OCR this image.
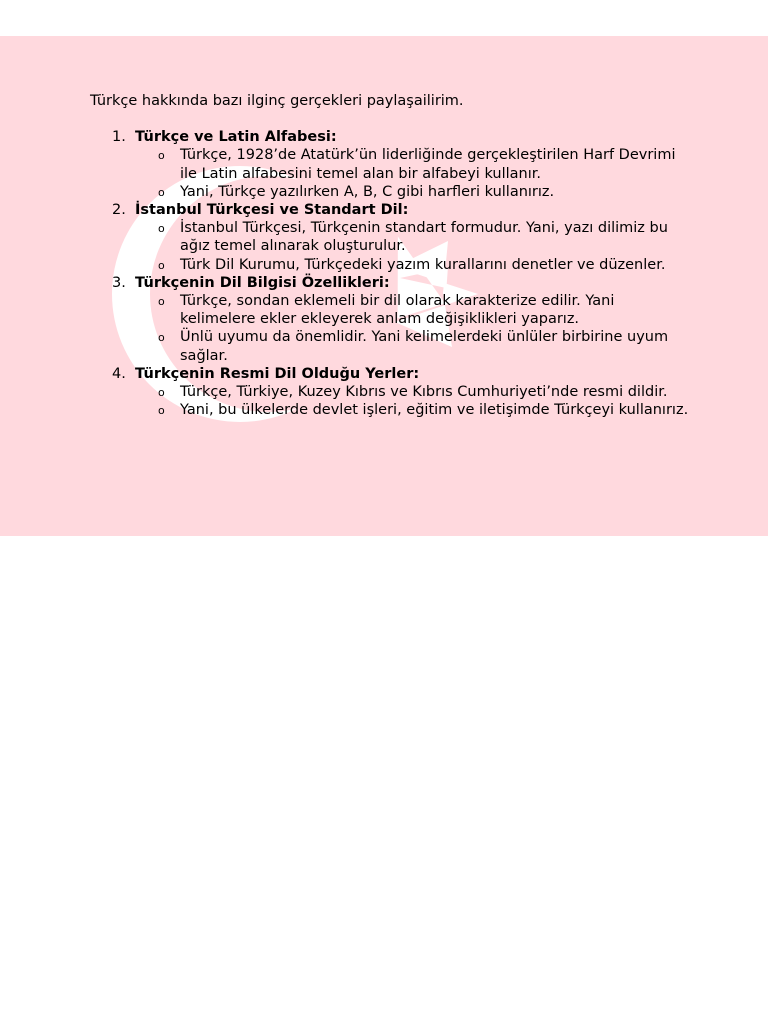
Türkçe hakkında bazı ilginç gerçekleri paylaşailirim.

1. Türkçe ve Latin Alfabesi:
o Türkçe, 1928’de Atatürk’ün liderliğinde gerçekleştirilen Harf Devrimi ile Latin alfabesini temel alan bir alfabeyi kullanır.
o Yani, Türkçe yazılırken A, B, C gibi harfleri kullanırız.
2. İstanbul Türkçesi ve Standart Dil:
o İstanbul Türkçesi, Türkçenin standart formudur. Yani, yazı dilimiz bu ağız temel alınarak oluşturulur.
o Türk Dil Kurumu, Türkçedeki yazım kurallarını denetler ve düzenler.
3. Türkçenin Dil Bilgisi Özellikleri:
o Türkçe, sondan eklemeli bir dil olarak karakterize edilir. Yani kelimelere ekler ekleyerek anlam değişiklikleri yaparız.
o Ünlü uyumu da önemlidir. Yani kelimelerdeki ünlüler birbirine uyum sağlar.
4. Türkçenin Resmi Dil Olduğu Yerler:
o Türkçe, Türkiye, Kuzey Kıbrıs ve Kıbrıs Cumhuriyeti’nde resmi dildir.
o Yani, bu ülkelerde devlet işleri, eğitim ve iletişimde Türkçeyi kullanırız.
